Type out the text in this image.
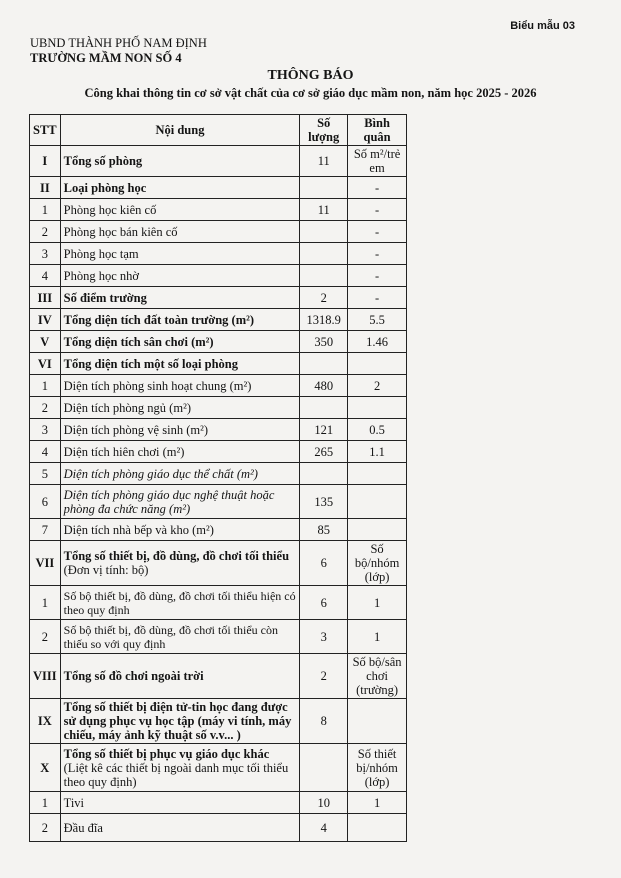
Biểu mẫu 03
UBND THÀNH PHỐ NAM ĐỊNH
TRƯỜNG MẦM NON SỐ 4
THÔNG BÁO
Công khai thông tin cơ sở vật chất của cơ sở giáo dục mầm non, năm học 2025 - 2026
STT	Nội dung	Số lượng	Bình quân
I	Tổng số phòng	11	Số m²/trẻ em
II	Loại phòng học		-
1	Phòng học kiên cố	11	-
2	Phòng học bán kiên cố		-
3	Phòng học tạm		-
4	Phòng học nhờ		-
III	Số điểm trường	2	-
IV	Tổng diện tích đất toàn trường (m²)	1318.9	5.5
V	Tổng diện tích sân chơi (m²)	350	1.46
VI	Tổng diện tích một số loại phòng		
1	Diện tích phòng sinh hoạt chung (m²)	480	2
2	Diện tích phòng ngủ (m²)		
3	Diện tích phòng vệ sinh (m²)	121	0.5
4	Diện tích hiên chơi (m²)	265	1.1
5	Diện tích phòng giáo dục thể chất (m²)		
6	Diện tích phòng giáo dục nghệ thuật hoặc phòng đa chức năng (m²)	135	
7	Diện tích nhà bếp và kho (m²)	85	
VII	Tổng số thiết bị, đồ dùng, đồ chơi tối thiểu (Đơn vị tính: bộ)	6	Số bộ/nhóm (lớp)
1	Số bộ thiết bị, đồ dùng, đồ chơi tối thiểu hiện có theo quy định	6	1
2	Số bộ thiết bị, đồ dùng, đồ chơi tối thiểu còn thiếu so với quy định	3	1
VIII	Tổng số đồ chơi ngoài trời	2	Số bộ/sân chơi (trường)
IX	Tổng số thiết bị điện tử-tin học đang được sử dụng phục vụ học tập (máy vi tính, máy chiếu, máy ảnh kỹ thuật số v.v... )	8	
X	Tổng số thiết bị phục vụ giáo dục khác (Liệt kê các thiết bị ngoài danh mục tối thiểu theo quy định)		Số thiết bị/nhóm (lớp)
1	Tivi	10	1
2	Đầu đĩa	4	
